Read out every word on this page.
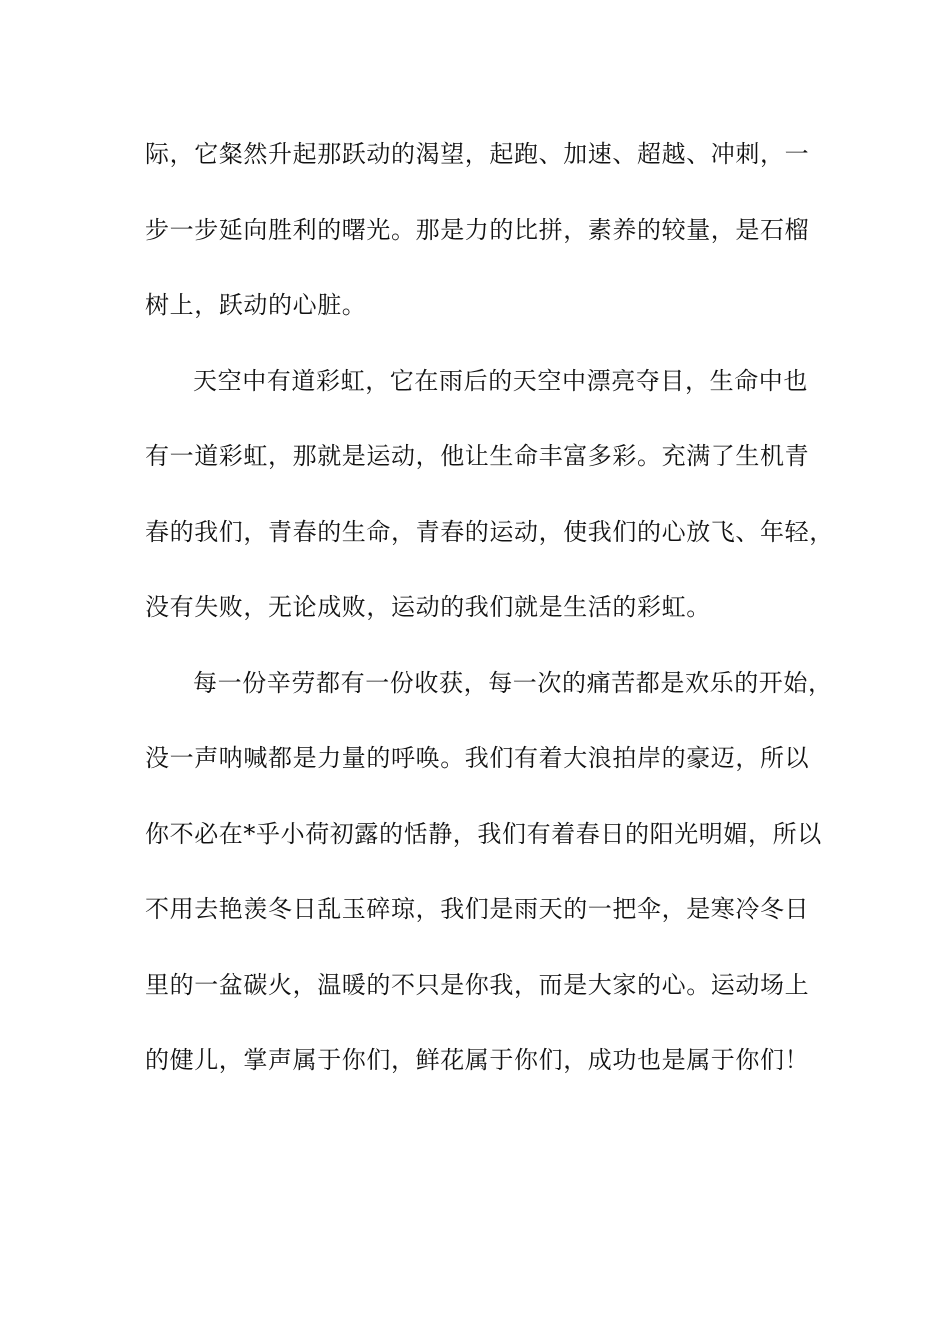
际，它粲然升起那跃动的渴望，起跑、加速、超越、冲刺，一
步一步延向胜利的曙光。那是力的比拼，素养的较量，是石榴
树上，跃动的心脏。
天空中有道彩虹，它在雨后的天空中漂亮夺目，生命中也
有一道彩虹，那就是运动，他让生命丰富多彩。充满了生机青
春的我们，青春的生命，青春的运动，使我们的心放飞、年轻，
没有失败，无论成败，运动的我们就是生活的彩虹。
每一份辛劳都有一份收获，每一次的痛苦都是欢乐的开始，
没一声呐喊都是力量的呼唤。我们有着大浪拍岸的豪迈，所以
你不必在*乎小荷初露的恬静，我们有着春日的阳光明媚，所以
不用去艳羡冬日乱玉碎琼，我们是雨天的一把伞，是寒冷冬日
里的一盆碳火，温暖的不只是你我，而是大家的心。运动场上
的健儿，掌声属于你们，鲜花属于你们，成功也是属于你们！
